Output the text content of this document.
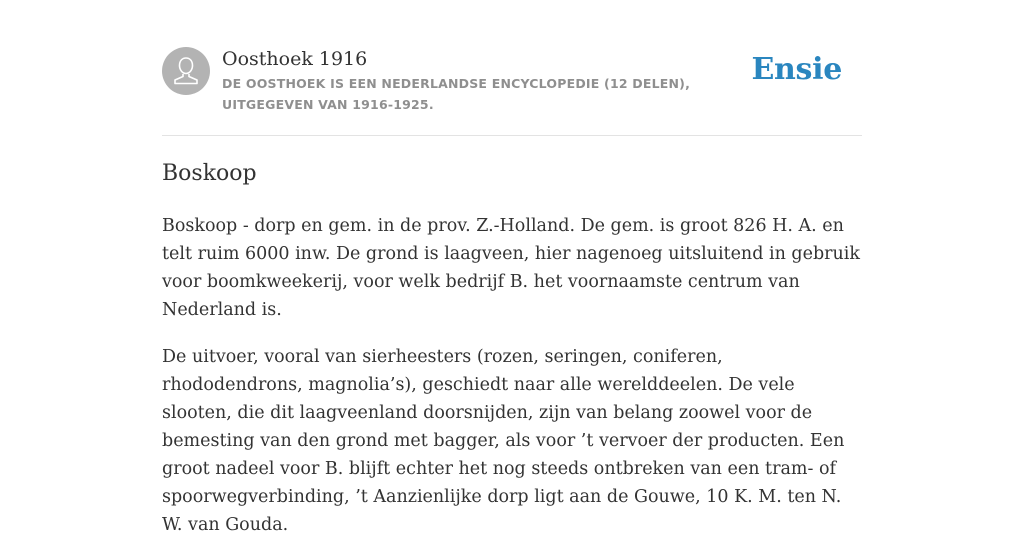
Oosthoek 1916
DE OOSTHOEK IS EEN NEDERLANDSE ENCYCLOPEDIE (12 DELEN), UITGEGEVEN VAN 1916-1925.
Ensie
Boskoop

Boskoop - dorp en gem. in de prov. Z.-Holland. De gem. is groot 826 H. A. en telt ruim 6000 inw. De grond is laagveen, hier nagenoeg uitsluitend in gebruik voor boomkweekerij, voor welk bedrijf B. het voornaamste centrum van Nederland is.

De uitvoer, vooral van sierheesters (rozen, seringen, coniferen, rhododendrons, magnolia’s), geschiedt naar alle werelddeelen. De vele slooten, die dit laagveenland doorsnijden, zijn van belang zoowel voor de bemesting van den grond met bagger, als voor ’t vervoer der producten. Een groot nadeel voor B. blijft echter het nog steeds ontbreken van een tram- of spoorwegverbinding, ’t Aanzienlijke dorp ligt aan de Gouwe, 10 K. M. ten N. W. van Gouda.
